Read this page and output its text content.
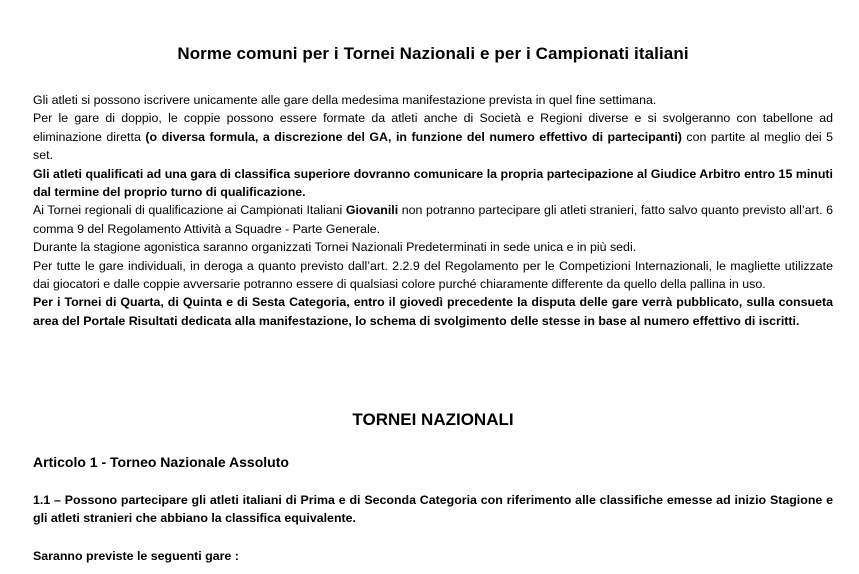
Norme comuni per i Tornei Nazionali e per i Campionati italiani

Gli atleti si possono iscrivere unicamente alle gare della medesima manifestazione prevista in quel fine settimana.

Per le gare di doppio, le coppie possono essere formate da atleti anche di Società e Regioni diverse e si svolgeranno con tabellone ad eliminazione diretta (o diversa formula, a discrezione del GA, in funzione del numero effettivo di partecipanti) con partite al meglio dei 5 set.

Gli atleti qualificati ad una gara di classifica superiore dovranno comunicare la propria partecipazione al Giudice Arbitro entro 15 minuti dal termine del proprio turno di qualificazione.

Ai Tornei regionali di qualificazione ai Campionati Italiani Giovanili non potranno partecipare gli atleti stranieri, fatto salvo quanto previsto all’art. 6 comma 9 del Regolamento Attività a Squadre - Parte Generale.

Durante la stagione agonistica saranno organizzati Tornei Nazionali Predeterminati in sede unica e in più sedi.

Per tutte le gare individuali, in deroga a quanto previsto dall’art. 2.2.9 del Regolamento per le Competizioni Internazionali, le magliette utilizzate dai giocatori e dalle coppie avversarie potranno essere di qualsiasi colore purché chiaramente differente da quello della pallina in uso.

Per i Tornei di Quarta, di Quinta e di Sesta Categoria, entro il giovedì precedente la disputa delle gare verrà pubblicato, sulla consueta area del Portale Risultati dedicata alla manifestazione, lo schema di svolgimento delle stesse in base al numero effettivo di iscritti.

TORNEI NAZIONALI
Articolo 1 - Torneo Nazionale Assoluto
1.1 – Possono partecipare gli atleti italiani di Prima e di Seconda Categoria con riferimento alle classifiche emesse ad inizio Stagione e gli atleti stranieri che abbiano la classifica equivalente.
Saranno previste le seguenti gare :
